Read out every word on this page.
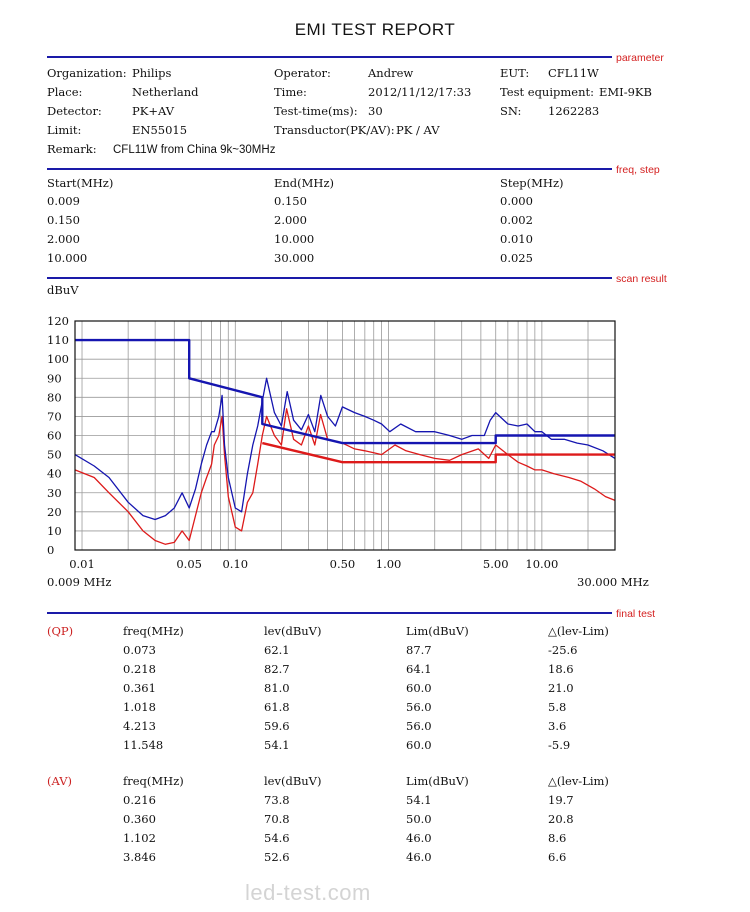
EMI TEST REPORT
parameter
Organization: Philips
Place:	Netherland
Detector:	PK+AV
Limit:	EN55015
Remark: CFL11W from China 9k~30MHz
Operator:	Andrew
Time:	2012/11/12/17:33
Test-time(ms): 30
Transductor(PK/AV): PK / AV
EUT: CFL11W
Test equipment: EMI-9KB
SN: 1262283
freq, step
Start(MHz)	End(MHz)	Step(MHz)
0.009	0.150	0.000
0.150	2.000	0.002
2.000	10.000	0.010
10.000	30.000	0.025
scan result
dBuV
0
10
20
30
40
50
60
70
80
90
100
110
120
0.01	0.05 0.10	0.50 1.00	5.00 10.00
0.009 MHz	30.000 MHz
final test
(QP)	freq(MHz)	lev(dBuV)	Lim(dBuV)	△(lev-Lim)
0.073	62.1	87.7	-25.6
0.218	82.7	64.1	18.6
0.361	81.0	60.0	21.0
1.018	61.8	56.0	5.8
4.213	59.6	56.0	3.6
11.548	54.1	60.0	-5.9
(AV)	freq(MHz)	lev(dBuV)	Lim(dBuV)	△(lev-Lim)
0.216	73.8	54.1	19.7
0.360	70.8	50.0	20.8
1.102	54.6	46.0	8.6
3.846	52.6	46.0	6.6
led-test.com
